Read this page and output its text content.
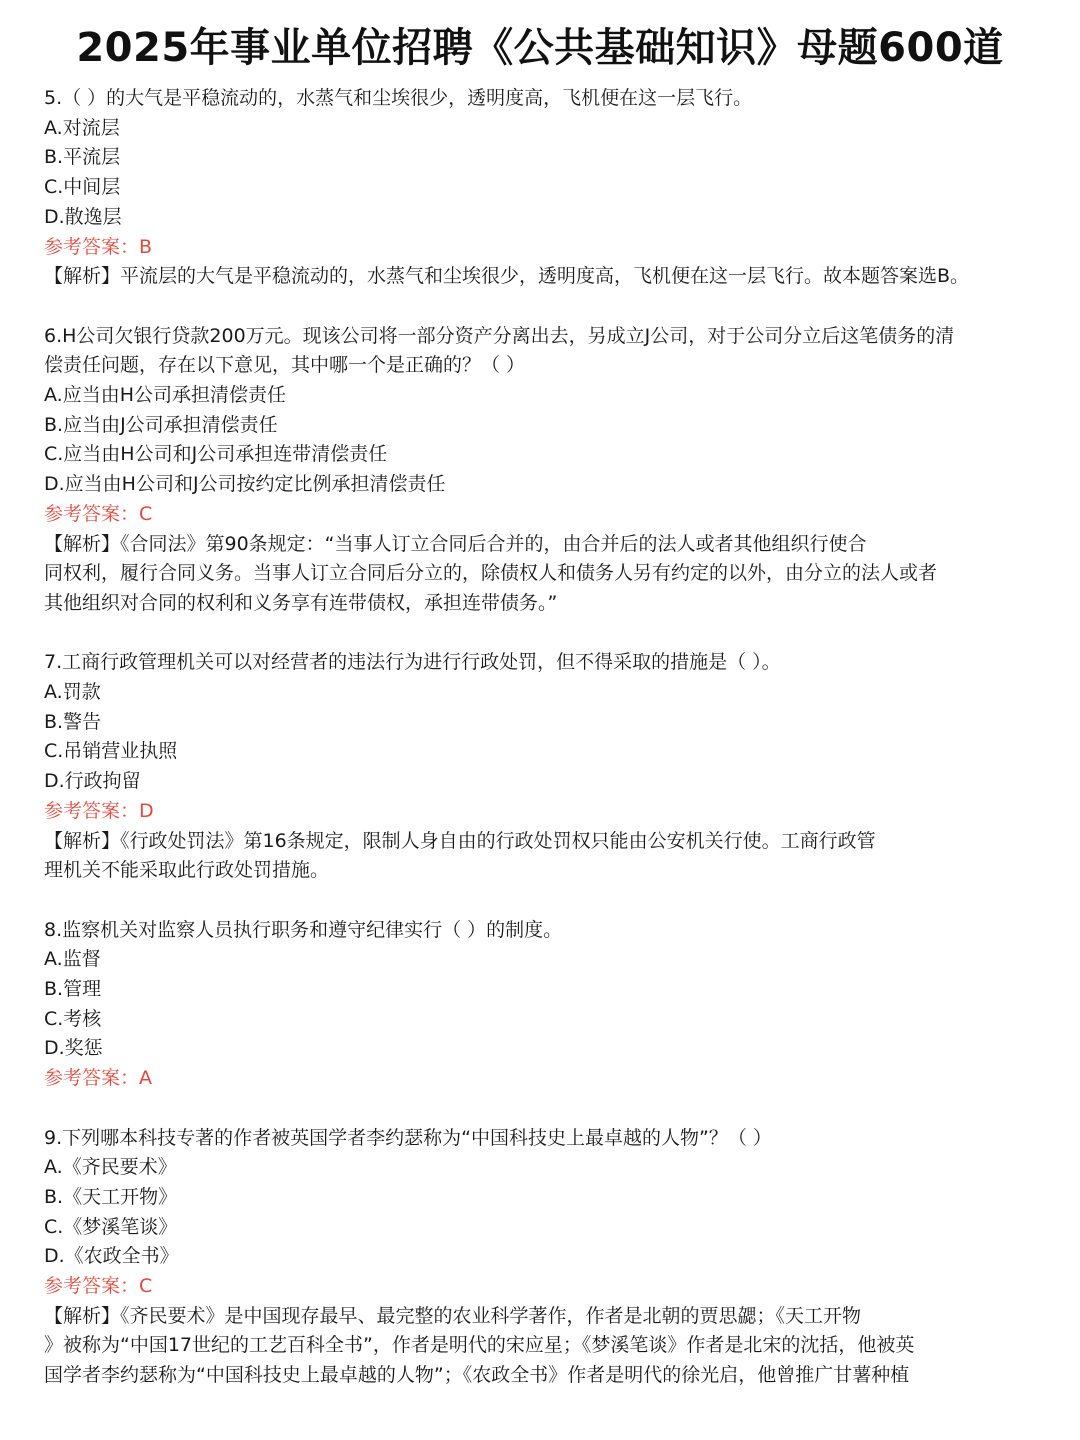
2025年事业单位招聘《公共基础知识》母题600道
5.（ ）的大气是平稳流动的，水蒸气和尘埃很少，透明度高，飞机便在这一层飞行。
A.对流层
B.平流层
C.中间层
D.散逸层
参考答案：B
【解析】平流层的大气是平稳流动的，水蒸气和尘埃很少，透明度高，飞机便在这一层飞行。故本题答案选B。
6.H公司欠银行贷款200万元。现该公司将一部分资产分离出去，另成立J公司，对于公司分立后这笔债务的清
偿责任问题，存在以下意见，其中哪一个是正确的？（ ）
A.应当由H公司承担清偿责任
B.应当由J公司承担清偿责任
C.应当由H公司和J公司承担连带清偿责任
D.应当由H公司和J公司按约定比例承担清偿责任
参考答案：C
【解析】《合同法》第90条规定：“当事人订立合同后合并的，由合并后的法人或者其他组织行使合
同权利，履行合同义务。当事人订立合同后分立的，除债权人和债务人另有约定的以外，由分立的法人或者
其他组织对合同的权利和义务享有连带债权，承担连带债务。”
7.工商行政管理机关可以对经营者的违法行为进行行政处罚，但不得采取的措施是（ ）。
A.罚款
B.警告
C.吊销营业执照
D.行政拘留
参考答案：D
【解析】《行政处罚法》第16条规定，限制人身自由的行政处罚权只能由公安机关行使。工商行政管
理机关不能采取此行政处罚措施。
8.监察机关对监察人员执行职务和遵守纪律实行（ ）的制度。
A.监督
B.管理
C.考核
D.奖惩
参考答案：A
9.下列哪本科技专著的作者被英国学者李约瑟称为“中国科技史上最卓越的人物”？（ ）
A.《齐民要术》
B.《天工开物》
C.《梦溪笔谈》
D.《农政全书》
参考答案：C
【解析】《齐民要术》是中国现存最早、最完整的农业科学著作，作者是北朝的贾思勰；《天工开物
》被称为“中国17世纪的工艺百科全书”，作者是明代的宋应星；《梦溪笔谈》作者是北宋的沈括，他被英
国学者李约瑟称为“中国科技史上最卓越的人物”；《农政全书》作者是明代的徐光启，他曾推广甘薯种植
